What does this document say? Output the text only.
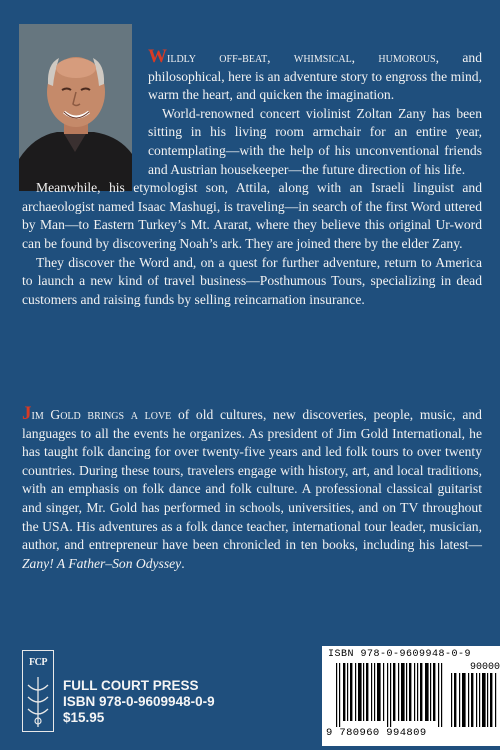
Wildly off-beat, whimsical, humorous, and philosophical, here is an adventure story to engross the mind, warm the heart, and quicken the imagination.

World-renowned concert violinist Zoltan Zany has been sitting in his living room armchair for an entire year, contemplating—with the help of his unconventional friends and Austrian housekeeper—the future direction of his life.

Meanwhile, his etymologist son, Attila, along with an Israeli linguist and archaeologist named Isaac Mashugi, is traveling—in search of the first Word uttered by Man—to Eastern Turkey’s Mt. Ararat, where they believe this original Ur-word can be found by discovering Noah’s ark. They are joined there by the elder Zany.

They discover the Word and, on a quest for further adventure, return to America to launch a new kind of travel business—Posthumous Tours, specializing in dead customers and raising funds by selling reincarnation insurance.

Jim Gold brings a love of old cultures, new discoveries, people, music, and languages to all the events he organizes. As president of Jim Gold International, he has taught folk dancing for over twenty-five years and led folk tours to over twenty countries. During these tours, travelers engage with history, art, and local traditions, with an emphasis on folk dance and folk culture. A professional classical guitarist and singer, Mr. Gold has performed in schools, universities, and on TV throughout the USA. His adventures as a folk dance teacher, international tour leader, musician, author, and entrepreneur have been chronicled in ten books, including his latest—Zany! A Father–Son Odyssey.

FCP
FULL COURT PRESS
ISBN 978-0-9609948-0-9
$15.95
ISBN 978-0-9609948-0-9
90000
9 780960 994809
